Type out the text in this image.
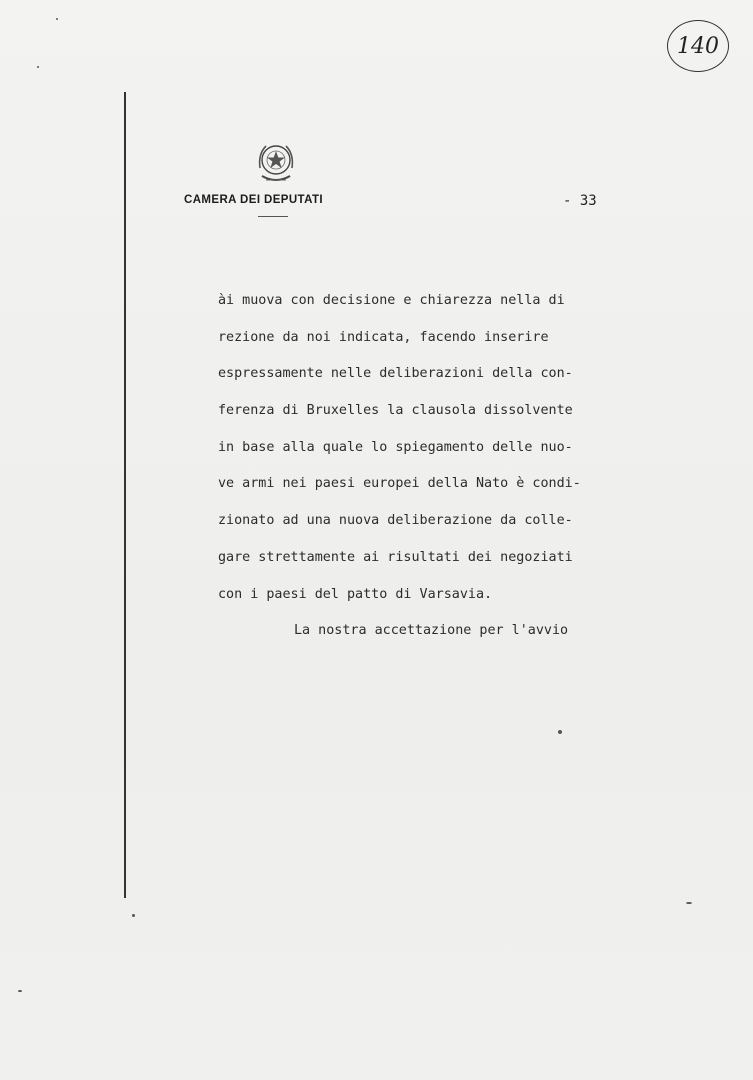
140
CAMERA DEI DEPUTATI	- 33
ài muova con decisione e chiarezza nella di
rezione da noi indicata, facendo inserire
espressamente nelle deliberazioni della con-
ferenza di Bruxelles la clausola dissolvente
in base alla quale lo spiegamento delle nuo-
ve armi nei paesi europei della Nato è condi-
zionato ad una nuova deliberazione da colle-
gare strettamente ai risultati dei negoziati
con i paesi del patto di Varsavia.
La nostra accettazione per l'avvio
